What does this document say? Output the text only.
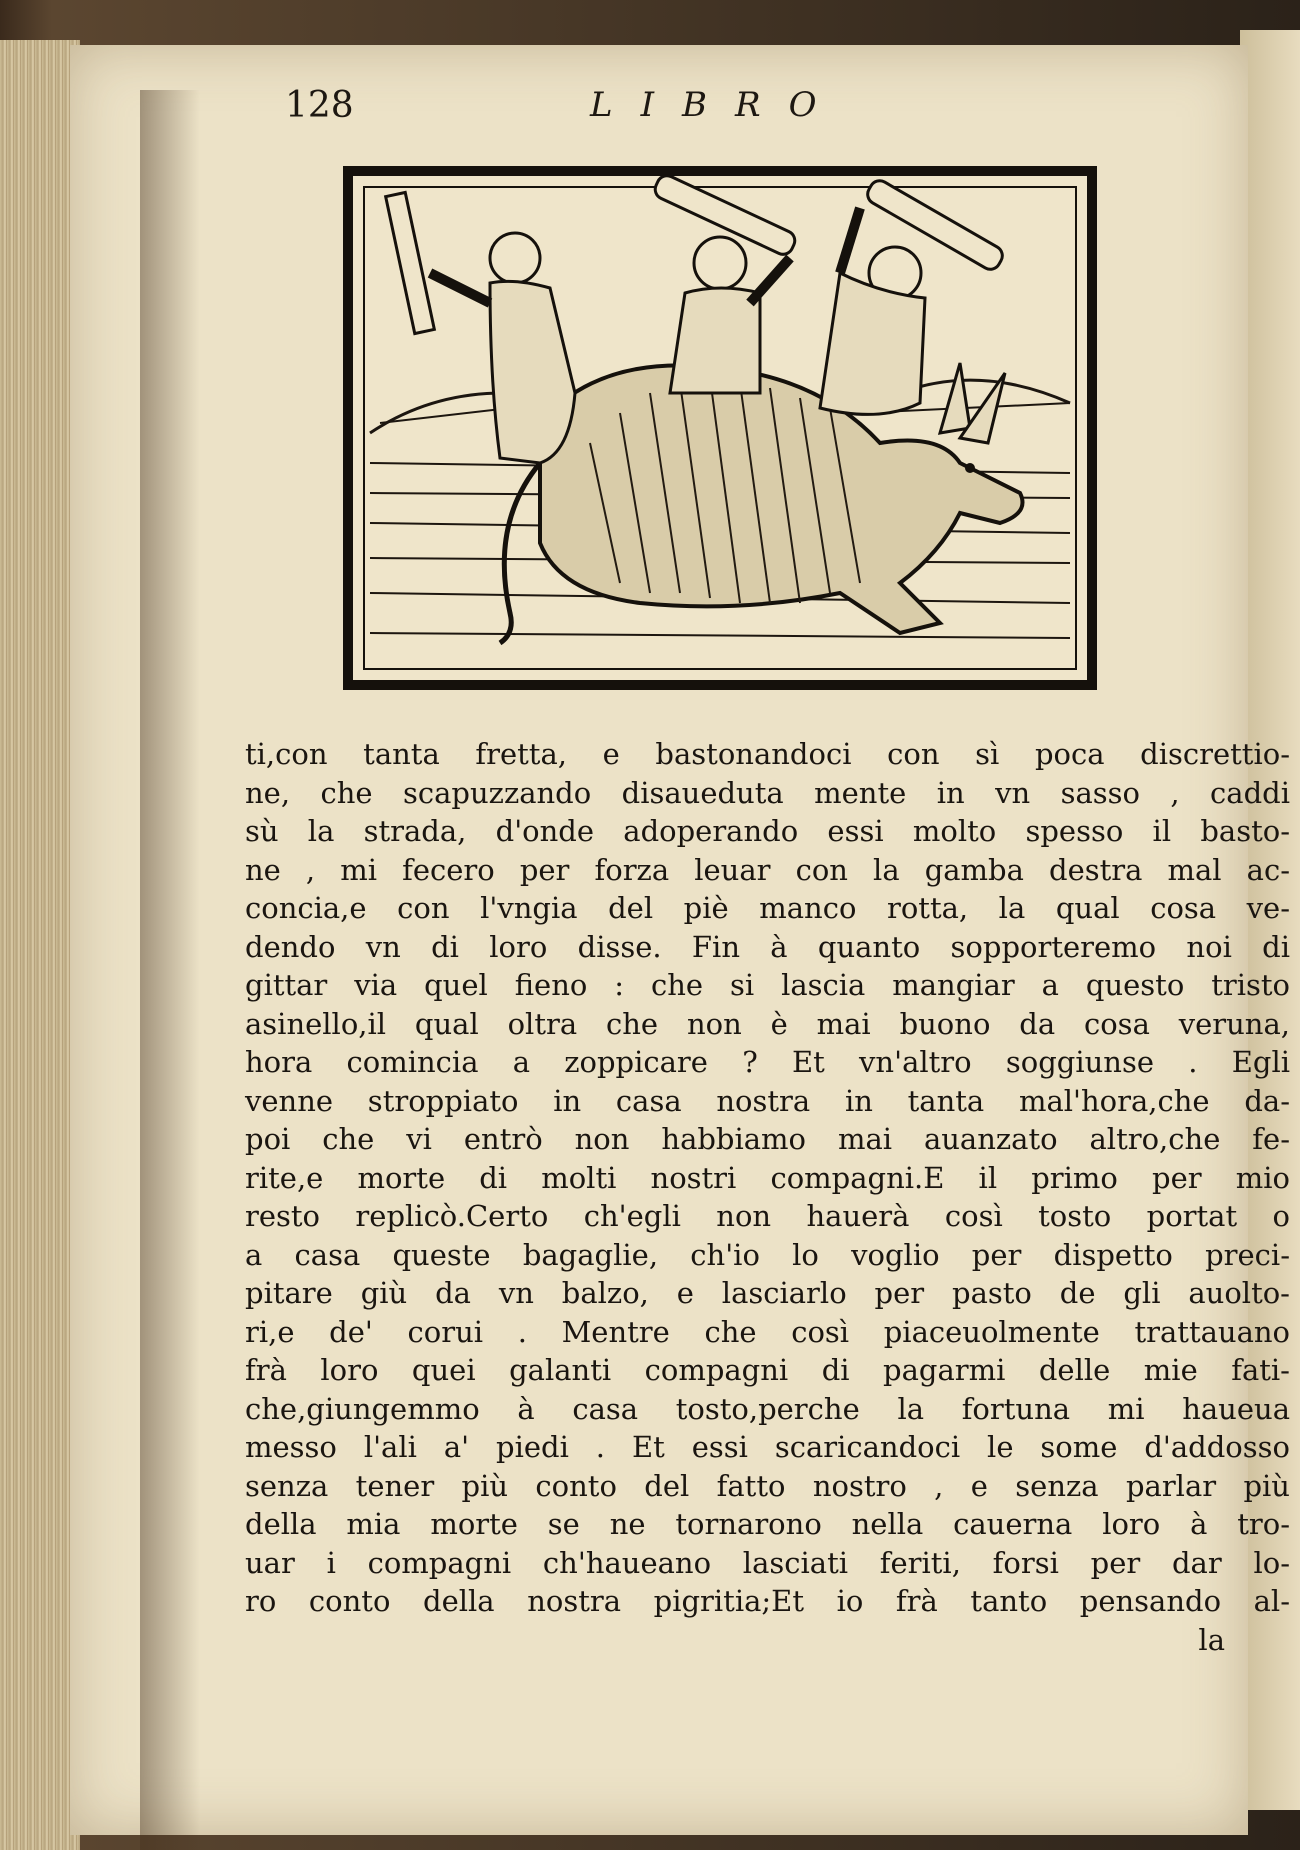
128	LIBRO
ti,con tanta fretta, e bastonandoci con sì poca discrettio-
ne, che scapuzzando disaueduta mente in vn sasso , caddi
sù la strada, d'onde adoperando essi molto spesso il basto-
ne , mi fecero per forza leuar con la gamba destra mal ac-
concia,e con l'vngia del piè manco rotta, la qual cosa ve-
dendo vn di loro disse. Fin à quanto sopporteremo noi di
gittar via quel fieno : che si lascia mangiar a questo tristo
asinello,il qual oltra che non è mai buono da cosa veruna,
hora comincia a zoppicare ? Et vn'altro soggiunse . Egli
venne stroppiato in casa nostra in tanta mal'hora,che da-
poi che vi entrò non habbiamo mai auanzato altro,che fe-
rite,e morte di molti nostri compagni.E il primo per mio
resto replicò.Certo ch'egli non hauerà così tosto portat o
a casa queste bagaglie, ch'io lo voglio per dispetto preci-
pitare giù da vn balzo, e lasciarlo per pasto de gli auolto-
ri,e de' corui . Mentre che così piaceuolmente trattauano
frà loro quei galanti compagni di pagarmi delle mie fati-
che,giungemmo à casa tosto,perche la fortuna mi haueua
messo l'ali a' piedi . Et essi scaricandoci le some d'addosso
senza tener più conto del fatto nostro , e senza parlar più
della mia morte se ne tornarono nella cauerna loro à tro-
uar i compagni ch'haueano lasciati feriti, forsi per dar lo-
ro conto della nostra pigritia;Et io frà tanto pensando al-
la
